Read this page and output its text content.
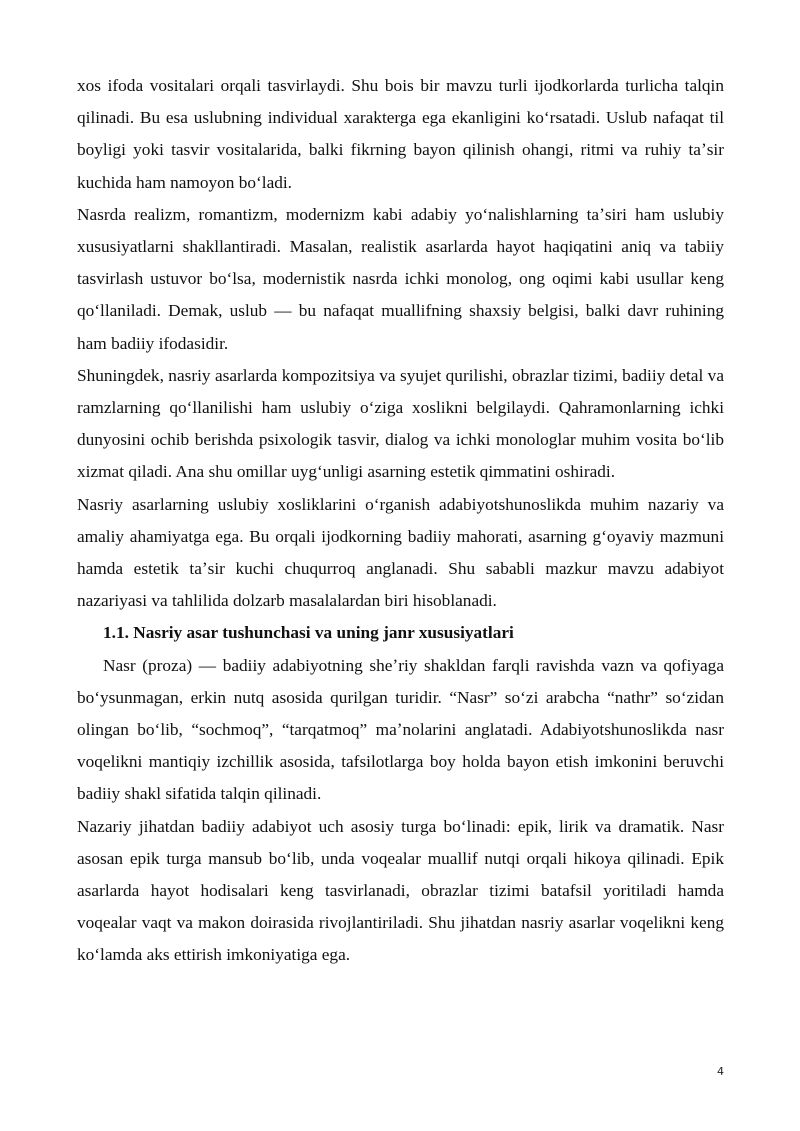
xos ifoda vositalari orqali tasvirlaydi. Shu bois bir mavzu turli ijodkorlarda turlicha talqin qilinadi. Bu esa uslubning individual xarakterga ega ekanligini koʻrsatadi. Uslub nafaqat til boyligi yoki tasvir vositalarida, balki fikrning bayon qilinish ohangi, ritmi va ruhiy taʼsir kuchida ham namoyon boʻladi.

Nasrda realizm, romantizm, modernizm kabi adabiy yoʻnalishlarning taʼsiri ham uslubiy xususiyatlarni shakllantiradi. Masalan, realistik asarlarda hayot haqiqatini aniq va tabiiy tasvirlash ustuvor boʻlsa, modernistik nasrda ichki monolog, ong oqimi kabi usullar keng qoʻllaniladi. Demak, uslub — bu nafaqat muallifning shaxsiy belgisi, balki davr ruhining ham badiiy ifodasidir.

Shuningdek, nasriy asarlarda kompozitsiya va syujet qurilishi, obrazlar tizimi, badiiy detal va ramzlarning qoʻllanilishi ham uslubiy oʻziga xoslikni belgilaydi. Qahramonlarning ichki dunyosini ochib berishda psixologik tasvir, dialog va ichki monologlar muhim vosita boʻlib xizmat qiladi. Ana shu omillar uygʻunligi asarning estetik qimmatini oshiradi.

Nasriy asarlarning uslubiy xosliklarini oʻrganish adabiyotshunoslikda muhim nazariy va amaliy ahamiyatga ega. Bu orqali ijodkorning badiiy mahorati, asarning gʻoyaviy mazmuni hamda estetik taʼsir kuchi chuqurroq anglanadi. Shu sababli mazkur mavzu adabiyot nazariyasi va tahlilida dolzarb masalalardan biri hisoblanadi.

1.1. Nasriy asar tushunchasi va uning janr xususiyatlari

Nasr (proza) — badiiy adabiyotning sheʼriy shakldan farqli ravishda vazn va qofiyaga boʻysunmagan, erkin nutq asosida qurilgan turidir. “Nasr” soʻzi arabcha “nathr” soʻzidan olingan boʻlib, “sochmoq”, “tarqatmoq” maʼnolarini anglatadi. Adabiyotshunoslikda nasr voqelikni mantiqiy izchillik asosida, tafsilotlarga boy holda bayon etish imkonini beruvchi badiiy shakl sifatida talqin qilinadi.

Nazariy jihatdan badiiy adabiyot uch asosiy turga boʻlinadi: epik, lirik va dramatik. Nasr asosan epik turga mansub boʻlib, unda voqealar muallif nutqi orqali hikoya qilinadi. Epik asarlarda hayot hodisalari keng tasvirlanadi, obrazlar tizimi batafsil yoritiladi hamda voqealar vaqt va makon doirasida rivojlantiriladi. Shu jihatdan nasriy asarlar voqelikni keng koʻlamda aks ettirish imkoniyatiga ega.

4
